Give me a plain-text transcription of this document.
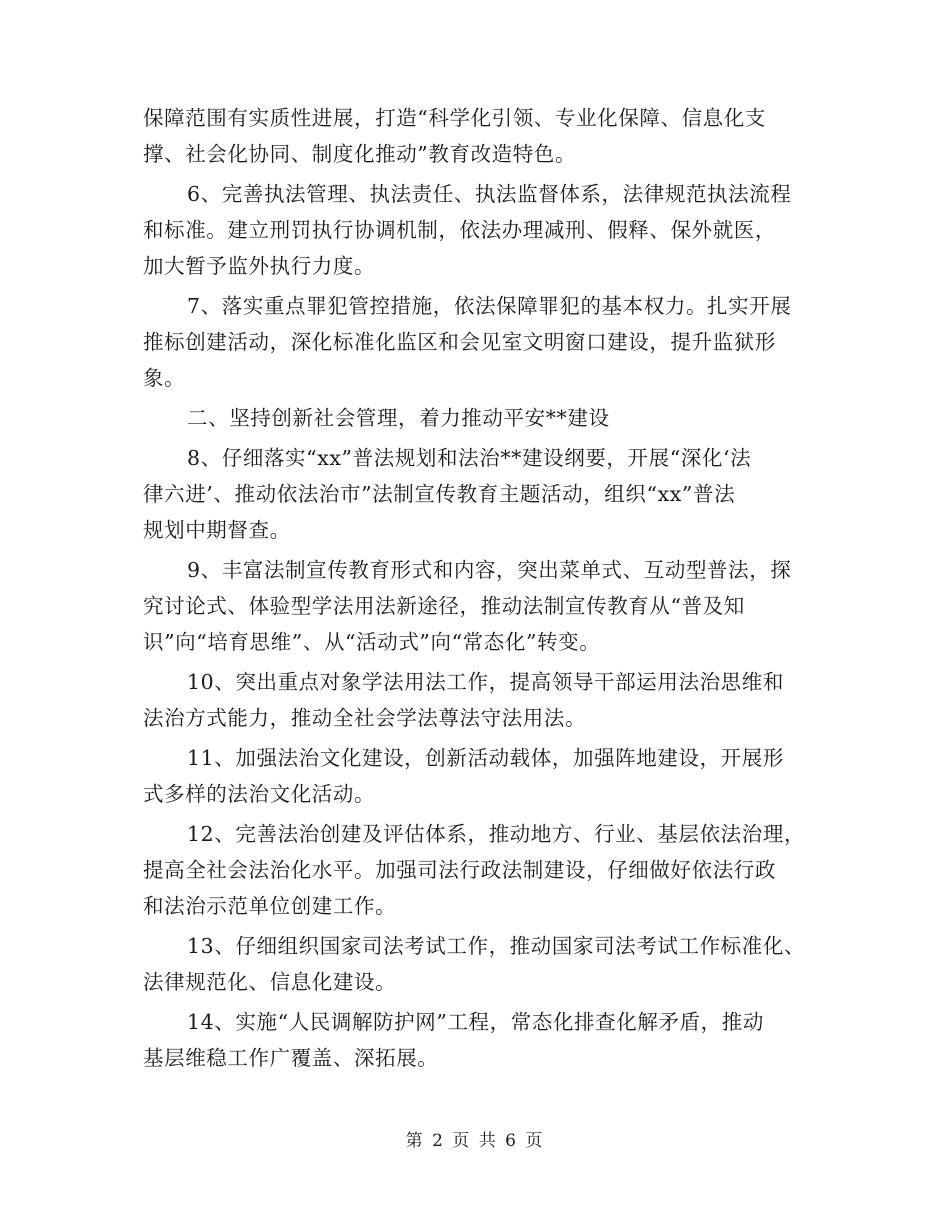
保障范围有实质性进展，打造“科学化引领、专业化保障、信息化支
撑、社会化协同、制度化推动”教育改造特色。
6、完善执法管理、执法责任、执法监督体系，法律规范执法流程
和标准。建立刑罚执行协调机制，依法办理减刑、假释、保外就医，
加大暂予监外执行力度。
7、落实重点罪犯管控措施，依法保障罪犯的基本权力。扎实开展
推标创建活动，深化标准化监区和会见室文明窗口建设，提升监狱形
象。
二、坚持创新社会管理，着力推动平安**建设
8、仔细落实“xx”普法规划和法治**建设纲要，开展“深化‘法
律六进’、推动依法治市”法制宣传教育主题活动，组织“xx”普法
规划中期督查。
9、丰富法制宣传教育形式和内容，突出菜单式、互动型普法，探
究讨论式、体验型学法用法新途径，推动法制宣传教育从“普及知
识”向“培育思维”、从“活动式”向“常态化”转变。
10、突出重点对象学法用法工作，提高领导干部运用法治思维和
法治方式能力，推动全社会学法尊法守法用法。
11、加强法治文化建设，创新活动载体，加强阵地建设，开展形
式多样的法治文化活动。
12、完善法治创建及评估体系，推动地方、行业、基层依法治理，
提高全社会法治化水平。加强司法行政法制建设，仔细做好依法行政
和法治示范单位创建工作。
13、仔细组织国家司法考试工作，推动国家司法考试工作标准化、
法律规范化、信息化建设。
14、实施“人民调解防护网”工程，常态化排查化解矛盾，推动
基层维稳工作广覆盖、深拓展。
第 2 页 共 6 页
